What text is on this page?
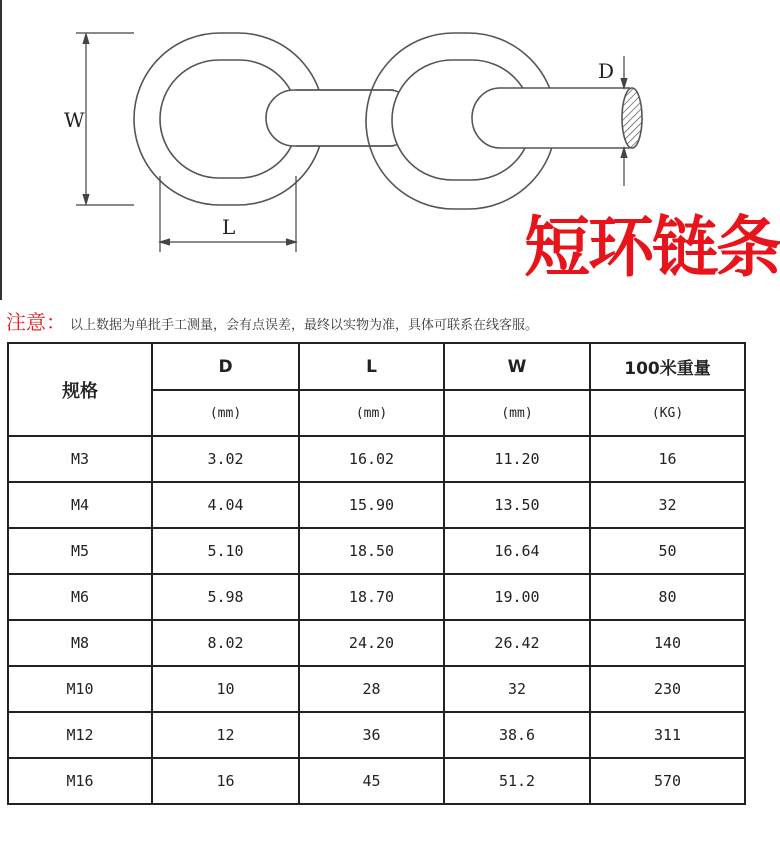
W
L
D
短环链条
注意： 以上数据为单批手工测量，会有点误差，最终以实物为准，具体可联系在线客服。
规格	D	L	W	100米重量
	(mm)	(mm)	(mm)	(KG)
M3	3.02	16.02	11.20	16
M4	4.04	15.90	13.50	32
M5	5.10	18.50	16.64	50
M6	5.98	18.70	19.00	80
M8	8.02	24.20	26.42	140
M10	10	28	32	230
M12	12	36	38.6	311
M16	16	45	51.2	570
